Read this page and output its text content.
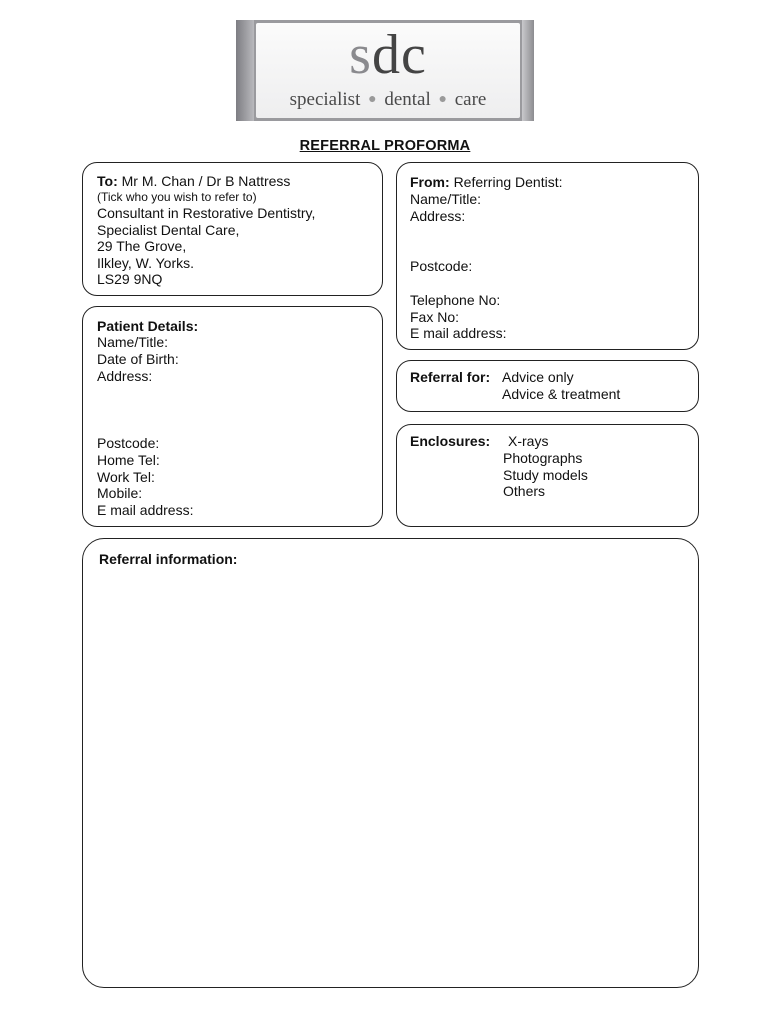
sdc
specialist ● dental ● care
REFERRAL PROFORMA
To: Mr M. Chan / Dr B Nattress
(Tick who you wish to refer to)
Consultant in Restorative Dentistry,
Specialist Dental Care,
29 The Grove,
Ilkley, W. Yorks.
LS29 9NQ
From: Referring Dentist:
Name/Title:
Address:
Postcode:
Telephone No:
Fax No:
E mail address:
Patient Details:
Name/Title:
Date of Birth:
Address:
Postcode:
Home Tel:
Work Tel:
Mobile:
E mail address:
Referral for: Advice only
Advice & treatment
Enclosures: X-rays
Photographs
Study models
Others
Referral information:
